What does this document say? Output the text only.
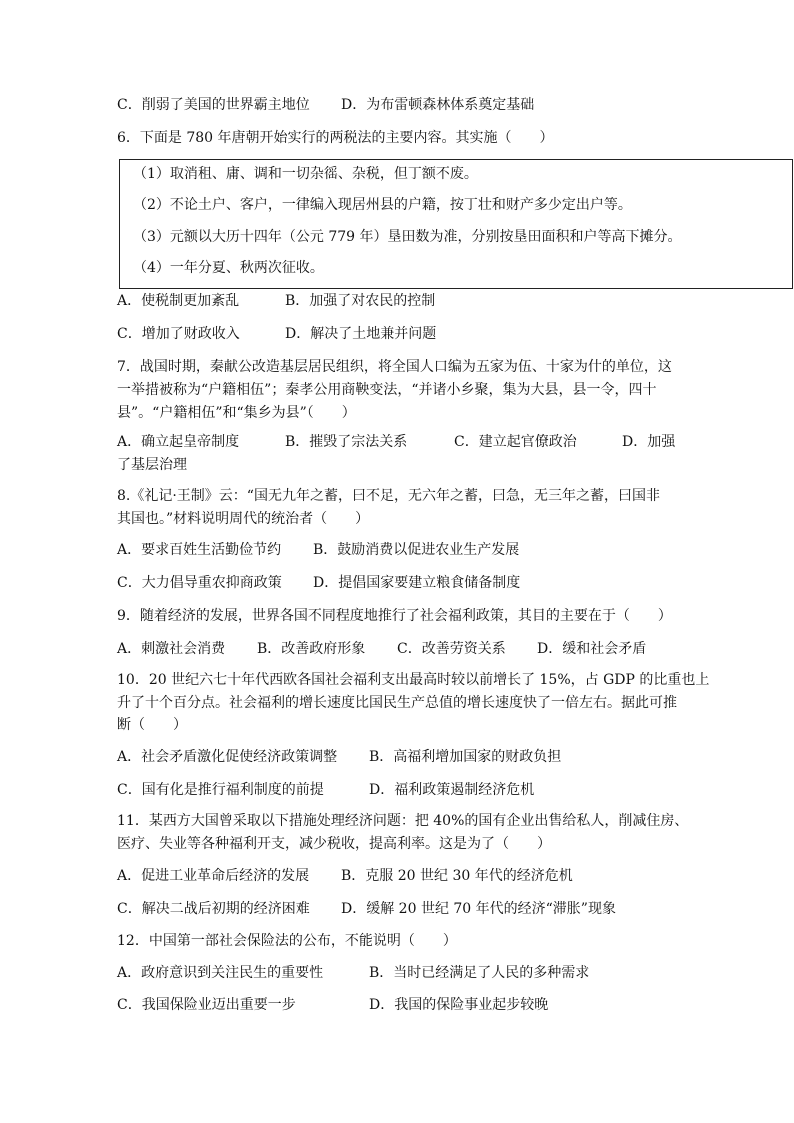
C．削弱了美国的世界霸主地位 D．为布雷顿森林体系奠定基础
6．下面是 780 年唐朝开始实行的两税法的主要内容。其实施（　　）
（1）取消租、庸、调和一切杂徭、杂税，但丁额不废。
（2）不论土户、客户，一律编入现居州县的户籍，按丁壮和财产多少定出户等。
（3）元额以大历十四年（公元 779 年）垦田数为准，分别按垦田面积和户等高下摊分。
（4）一年分夏、秋两次征收。
A．使税制更加紊乱	B．加强了对农民的控制
C．增加了财政收入	D．解决了土地兼并问题
7．战国时期，秦献公改造基层居民组织，将全国人口编为五家为伍、十家为什的单位，这
一举措被称为“户籍相伍”；秦孝公用商鞅变法，“并诸小乡聚，集为大县，县一令，四十
县”。“户籍相伍”和“集乡为县”（　　）
A．确立起皇帝制度	B．摧毁了宗法关系	C．建立起官僚政治	D．加强
了基层治理
8.《礼记·王制》云：“国无九年之蓄，曰不足，无六年之蓄，曰急，无三年之蓄，曰国非
其国也。”材料说明周代的统治者（　　）
A．要求百姓生活勤俭节约 B．鼓励消费以促进农业生产发展
C．大力倡导重农抑商政策 D．提倡国家要建立粮食储备制度
9．随着经济的发展，世界各国不同程度地推行了社会福利政策，其目的主要在于（　　）
A．刺激社会消费 B．改善政府形象 C．改善劳资关系 D．缓和社会矛盾
10．20 世纪六七十年代西欧各国社会福利支出最高时较以前增长了 15%，占 GDP 的比重也上
升了十个百分点。社会福利的增长速度比国民生产总值的增长速度快了一倍左右。据此可推
断（　　）
A．社会矛盾激化促使经济政策调整 B．高福利增加国家的财政负担
C．国有化是推行福利制度的前提	D．福利政策遏制经济危机
11．某西方大国曾采取以下措施处理经济问题：把 40%的国有企业出售给私人，削减住房、
医疗、失业等各种福利开支，减少税收，提高利率。这是为了（　　）
A．促进工业革命后经济的发展 B．克服 20 世纪 30 年代的经济危机
C．解决二战后初期的经济困难 D．缓解 20 世纪 70 年代的经济“滞胀”现象
12．中国第一部社会保险法的公布，不能说明（　　）
A．政府意识到关注民生的重要性	B．当时已经满足了人民的多种需求
C．我国保险业迈出重要一步	D．我国的保险事业起步较晚
